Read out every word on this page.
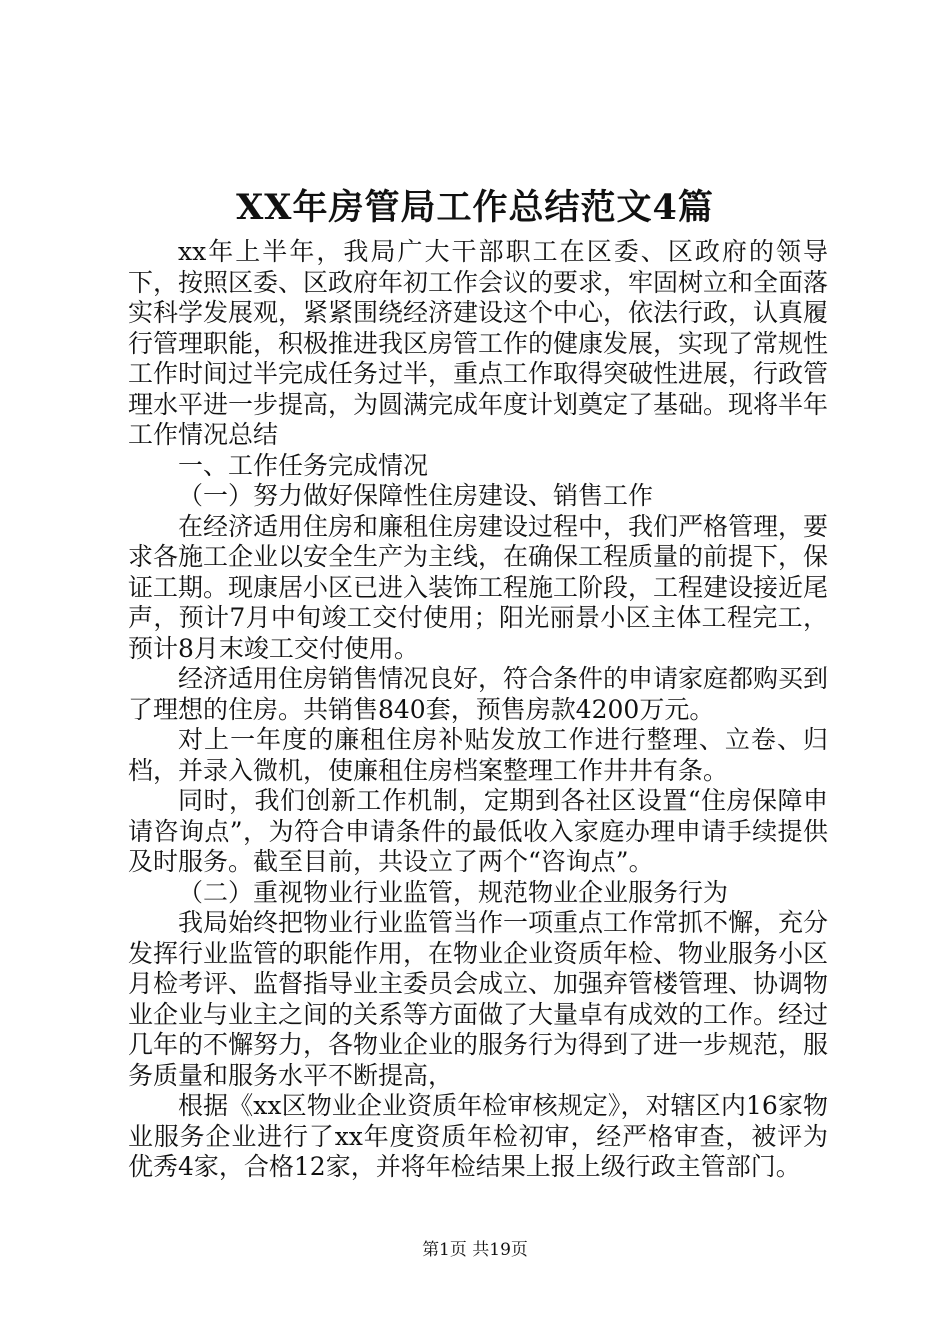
XX年房管局工作总结范文4篇

xx年上半年，我局广大干部职工在区委、区政府的领导下，按照区委、区政府年初工作会议的要求，牢固树立和全面落实科学发展观，紧紧围绕经济建设这个中心，依法行政，认真履行管理职能，积极推进我区房管工作的健康发展，实现了常规性工作时间过半完成任务过半，重点工作取得突破性进展，行政管理水平进一步提高，为圆满完成年度计划奠定了基础。现将半年工作情况总结

一、工作任务完成情况

（一）努力做好保障性住房建设、销售工作

在经济适用住房和廉租住房建设过程中，我们严格管理，要求各施工企业以安全生产为主线，在确保工程质量的前提下，保证工期。现康居小区已进入装饰工程施工阶段，工程建设接近尾声，预计7月中旬竣工交付使用；阳光丽景小区主体工程完工，预计8月末竣工交付使用。

经济适用住房销售情况良好，符合条件的申请家庭都购买到了理想的住房。共销售840套，预售房款4200万元。

对上一年度的廉租住房补贴发放工作进行整理、立卷、归档，并录入微机，使廉租住房档案整理工作井井有条。

同时，我们创新工作机制，定期到各社区设置“住房保障申请咨询点”，为符合申请条件的最低收入家庭办理申请手续提供及时服务。截至目前，共设立了两个“咨询点”。

（二）重视物业行业监管，规范物业企业服务行为

我局始终把物业行业监管当作一项重点工作常抓不懈，充分发挥行业监管的职能作用，在物业企业资质年检、物业服务小区月检考评、监督指导业主委员会成立、加强弃管楼管理、协调物业企业与业主之间的关系等方面做了大量卓有成效的工作。经过几年的不懈努力，各物业企业的服务行为得到了进一步规范，服务质量和服务水平不断提高，

根据《xx区物业企业资质年检审核规定》，对辖区内16家物业服务企业进行了xx年度资质年检初审，经严格审查，被评为优秀4家，合格12家，并将年检结果上报上级行政主管部门。

第1页 共19页
